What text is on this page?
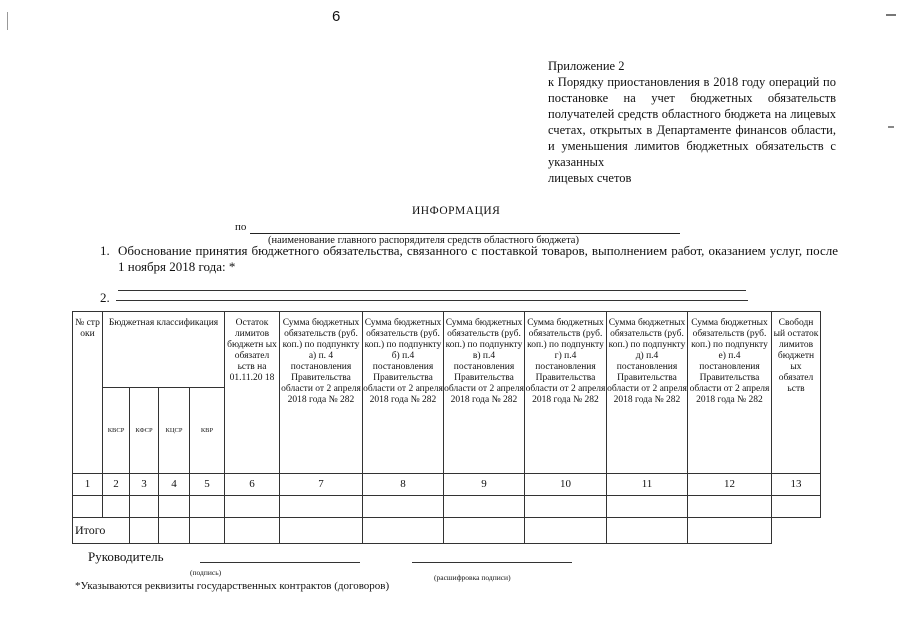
6
Приложение 2
к Порядку приостановления в 2018 году операций по постановке на учет бюджетных обязательств получателей средств областного бюджета на лицевых счетах, открытых в Департаменте финансов области, и уменьшения лимитов бюджетных обязательств с указанных
лицевых счетов
ИНФОРМАЦИЯ
по
(наименование главного распорядителя средств областного бюджета)
1. Обоснование принятия бюджетного обязательства, связанного с поставкой товаров, выполнением работ, оказанием услуг, после 1 ноября 2018 года: *
2.
№ стр оки	Бюджетная классификация				Остаток лимитов бюджетн ых обязател ьств на 01.11.20 18	Сумма бюджетных обязательств (руб. коп.) по подпункту а) п. 4 постановления Правительства области от 2 апреля 2018 года № 282	Сумма бюджетных обязательств (руб. коп.) по подпункту б) п.4 постановления Правительства области от 2 апреля 2018 года № 282	Сумма бюджетных обязательств (руб. коп.) по подпункту в) п.4 постановления Правительства области от 2 апреля 2018 года № 282	Сумма бюджетных обязательств (руб. коп.) по подпункту г) п.4 постановления Правительства области от 2 апреля 2018 года № 282	Сумма бюджетных обязательств (руб. коп.) по подпункту д) п.4 постановления Правительства области от 2 апреля 2018 года № 282	Сумма бюджетных обязательств (руб. коп.) по подпункту е) п.4 постановления Правительства области от 2 апреля 2018 года № 282	Свободн ый остаток лимитов бюджетн ых обязател ьств
	КВСР	КФСР	КЦСР	КВР								
1	2	3	4	5	6	7	8	9	10	11	12	13

Итого												
Руководитель
(подпись)
(расшифровка подписи)
*Указываются реквизиты государственных контрактов (договоров)
